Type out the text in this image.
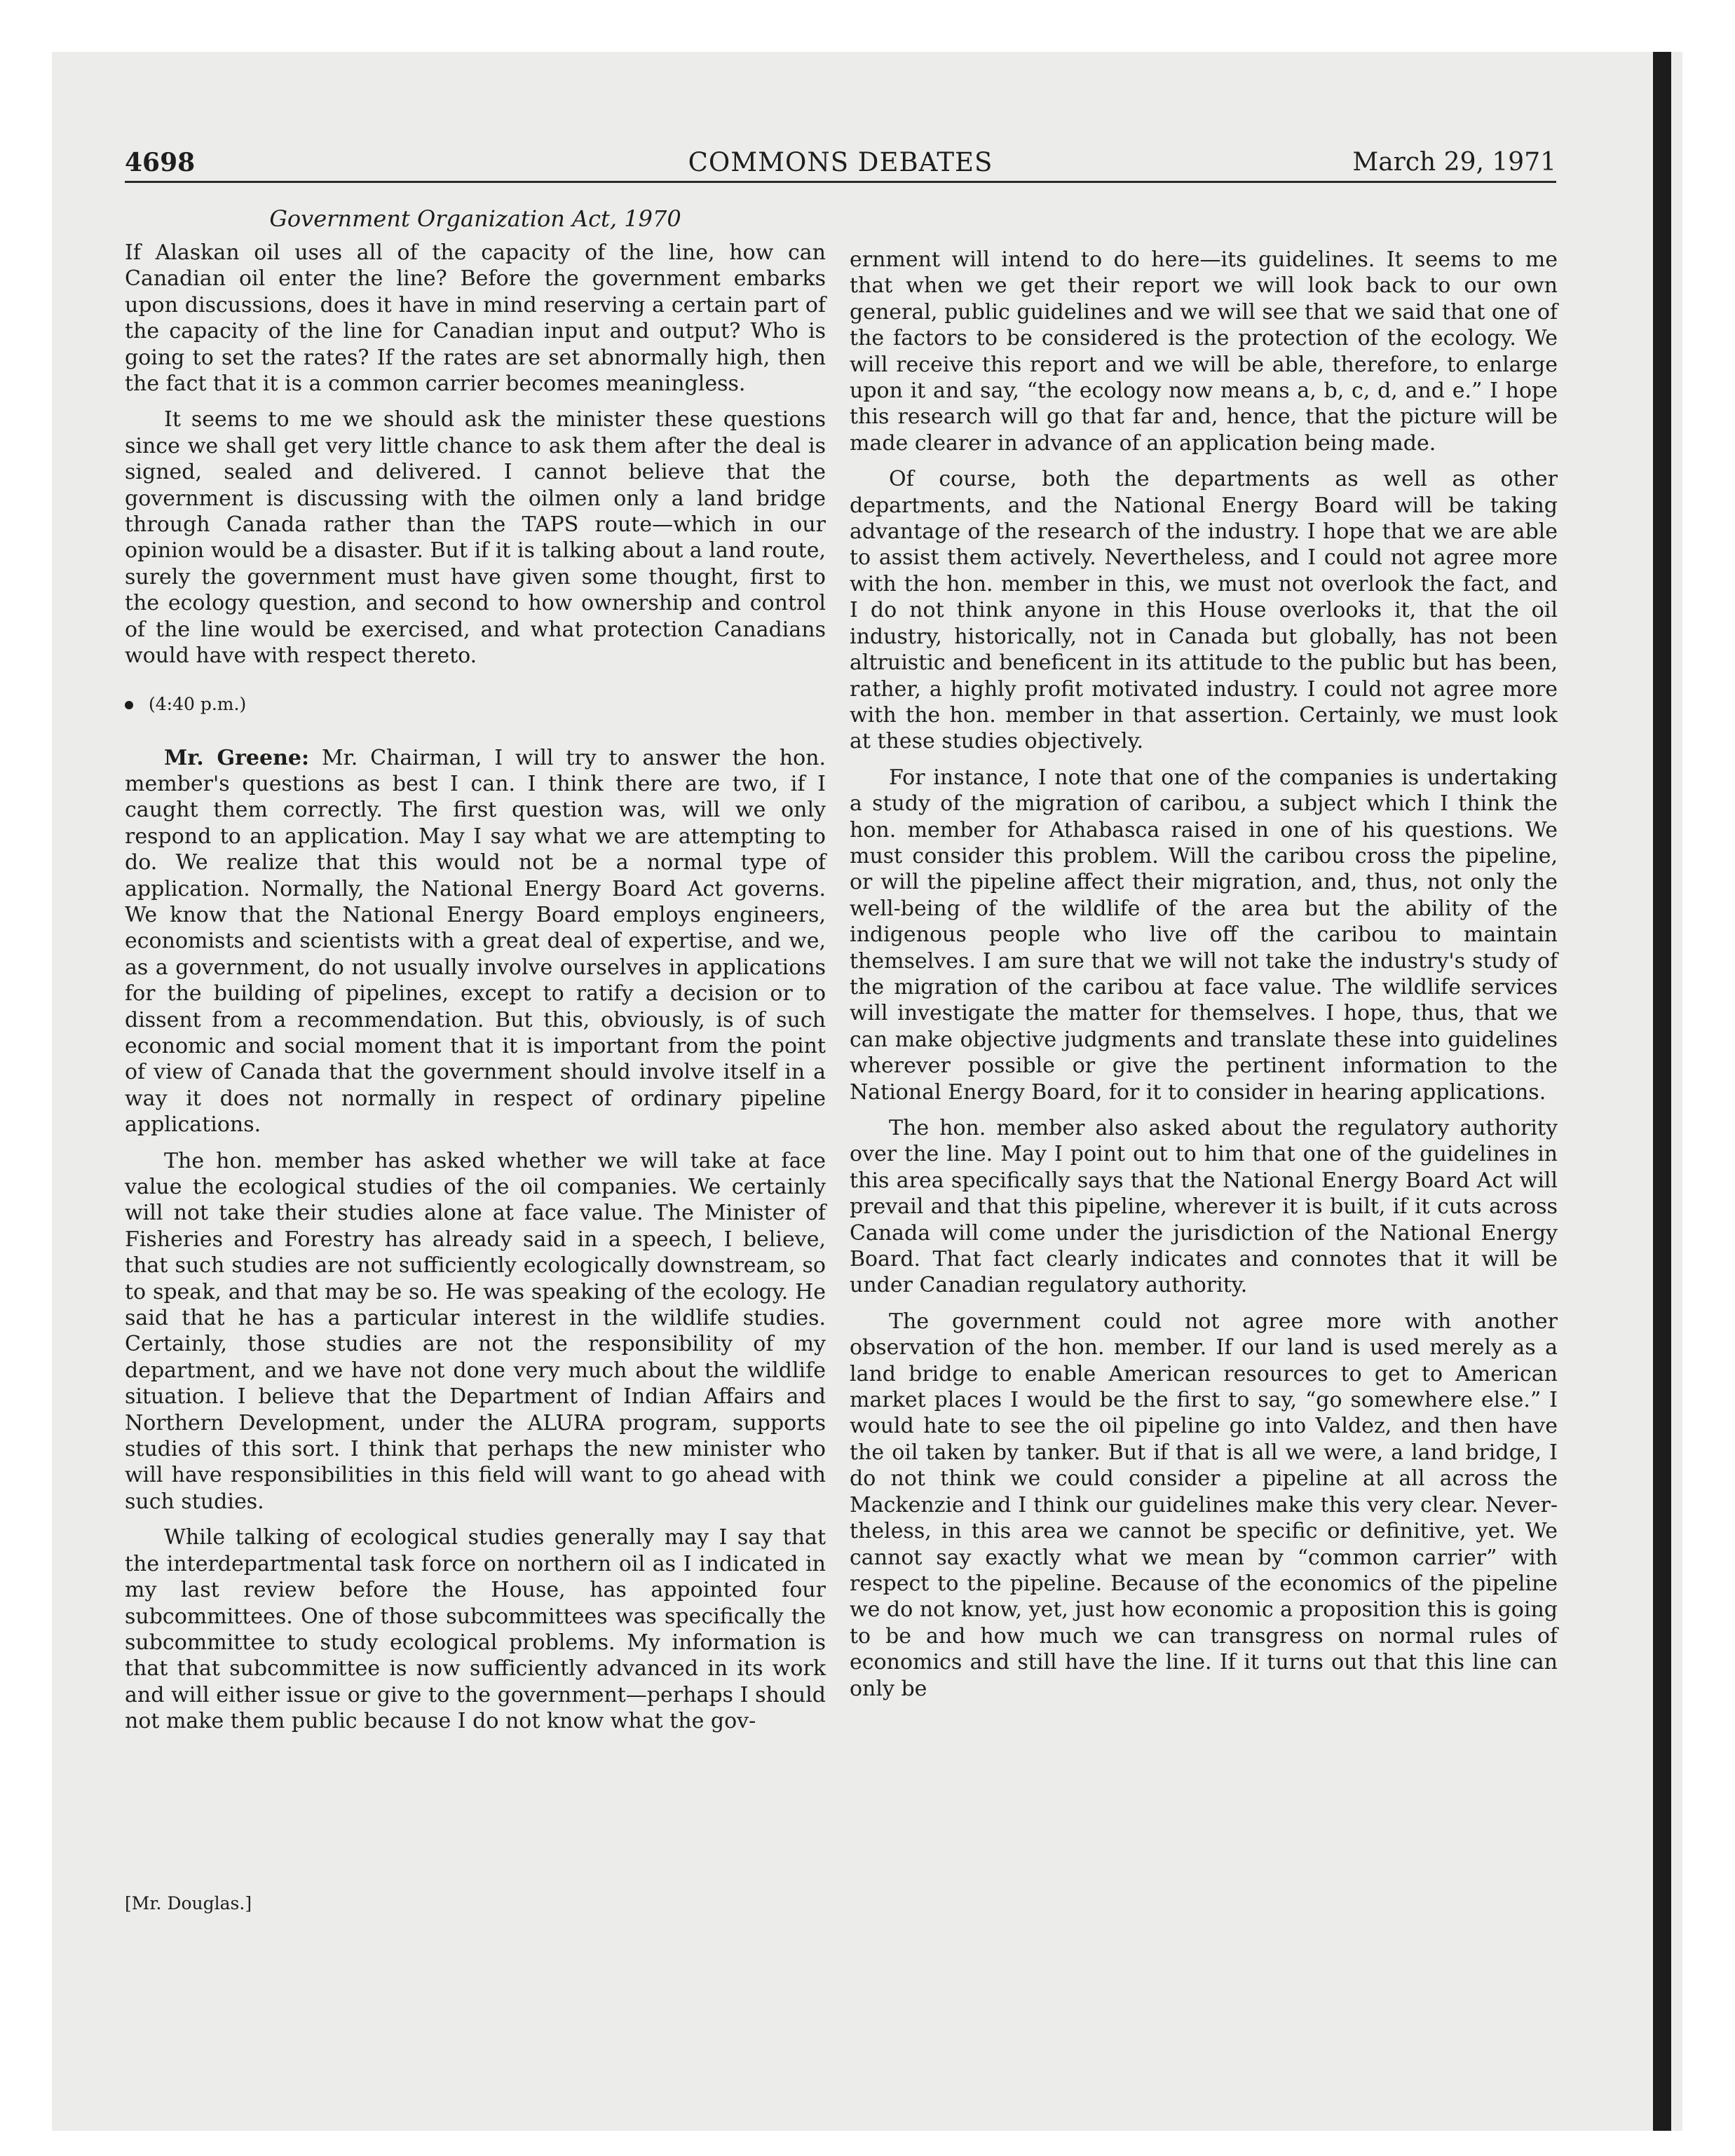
4698	COMMONS DEBATES	March 29, 1971
Government Organization Act, 1970

If Alaskan oil uses all of the capacity of the line, how can Canadian oil enter the line? Before the government embarks upon discussions, does it have in mind reserving a certain part of the capacity of the line for Canadian input and output? Who is going to set the rates? If the rates are set abnormally high, then the fact that it is a common carrier becomes meaningless.

It seems to me we should ask the minister these questions since we shall get very little chance to ask them after the deal is signed, sealed and delivered. I cannot believe that the government is discussing with the oilmen only a land bridge through Canada rather than the TAPS route—which in our opinion would be a disaster. But if it is talking about a land route, surely the government must have given some thought, first to the ecology question, and second to how ownership and control of the line would be exercised, and what protection Canadians would have with respect thereto.

(4:40 p.m.)

Mr. Greene: Mr. Chairman, I will try to answer the hon. member's questions as best I can. I think there are two, if I caught them correctly. The first question was, will we only respond to an application. May I say what we are attempting to do. We realize that this would not be a normal type of application. Normally, the National Energy Board Act governs. We know that the National Energy Board employs engineers, economists and scientists with a great deal of expertise, and we, as a government, do not usually involve ourselves in applications for the building of pipelines, except to ratify a decision or to dissent from a recommendation. But this, obviously, is of such economic and social moment that it is important from the point of view of Canada that the government should involve itself in a way it does not normally in respect of ordinary pipeline applications.

The hon. member has asked whether we will take at face value the ecological studies of the oil companies. We certainly will not take their studies alone at face value. The Minister of Fisheries and Forestry has already said in a speech, I believe, that such studies are not sufficiently ecologically downstream, so to speak, and that may be so. He was speaking of the ecology. He said that he has a particular interest in the wildlife studies. Certainly, those studies are not the responsibility of my department, and we have not done very much about the wildlife situation. I believe that the Department of Indian Affairs and Northern Development, under the ALURA program, supports studies of this sort. I think that perhaps the new minister who will have responsibilities in this field will want to go ahead with such studies.

While talking of ecological studies generally may I say that the interdepartmental task force on northern oil as I indicated in my last review before the House, has appointed four subcommittees. One of those subcommittees was specifically the subcommittee to study ecological problems. My information is that that subcommittee is now sufficiently advanced in its work and will either issue or give to the government—perhaps I should not make them public because I do not know what the gov-

ernment will intend to do here—its guidelines. It seems to me that when we get their report we will look back to our own general, public guidelines and we will see that we said that one of the factors to be considered is the protection of the ecology. We will receive this report and we will be able, therefore, to enlarge upon it and say, “the ecology now means a, b, c, d, and e.” I hope this research will go that far and, hence, that the picture will be made clearer in advance of an application being made.

Of course, both the departments as well as other departments, and the National Energy Board will be taking advantage of the research of the industry. I hope that we are able to assist them actively. Nevertheless, and I could not agree more with the hon. member in this, we must not overlook the fact, and I do not think anyone in this House overlooks it, that the oil industry, historically, not in Canada but globally, has not been altruistic and beneficent in its attitude to the public but has been, rather, a highly profit motivated industry. I could not agree more with the hon. member in that assertion. Certainly, we must look at these studies objectively.

For instance, I note that one of the companies is undertaking a study of the migration of caribou, a subject which I think the hon. member for Athabasca raised in one of his questions. We must consider this problem. Will the caribou cross the pipeline, or will the pipeline affect their migration, and, thus, not only the well-being of the wildlife of the area but the ability of the indigenous people who live off the caribou to maintain themselves. I am sure that we will not take the industry's study of the migration of the caribou at face value. The wildlife services will investigate the matter for themselves. I hope, thus, that we can make objective judgments and translate these into guidelines wherever possible or give the pertinent information to the National Energy Board, for it to consider in hearing applications.

The hon. member also asked about the regulatory authority over the line. May I point out to him that one of the guidelines in this area specifically says that the National Energy Board Act will prevail and that this pipeline, wherever it is built, if it cuts across Canada will come under the jurisdiction of the National Energy Board. That fact clearly indicates and connotes that it will be under Canadian regulatory authority.

The government could not agree more with another observation of the hon. member. If our land is used merely as a land bridge to enable American resources to get to American market places I would be the first to say, “go somewhere else.” I would hate to see the oil pipeline go into Valdez, and then have the oil taken by tanker. But if that is all we were, a land bridge, I do not think we could consider a pipeline at all across the Mackenzie and I think our guidelines make this very clear. Nevertheless, in this area we cannot be specific or definitive, yet. We cannot say exactly what we mean by “common carrier” with respect to the pipeline. Because of the economics of the pipeline we do not know, yet, just how economic a proposition this is going to be and how much we can transgress on normal rules of economics and still have the line. If it turns out that this line can only be

[Mr. Douglas.]
